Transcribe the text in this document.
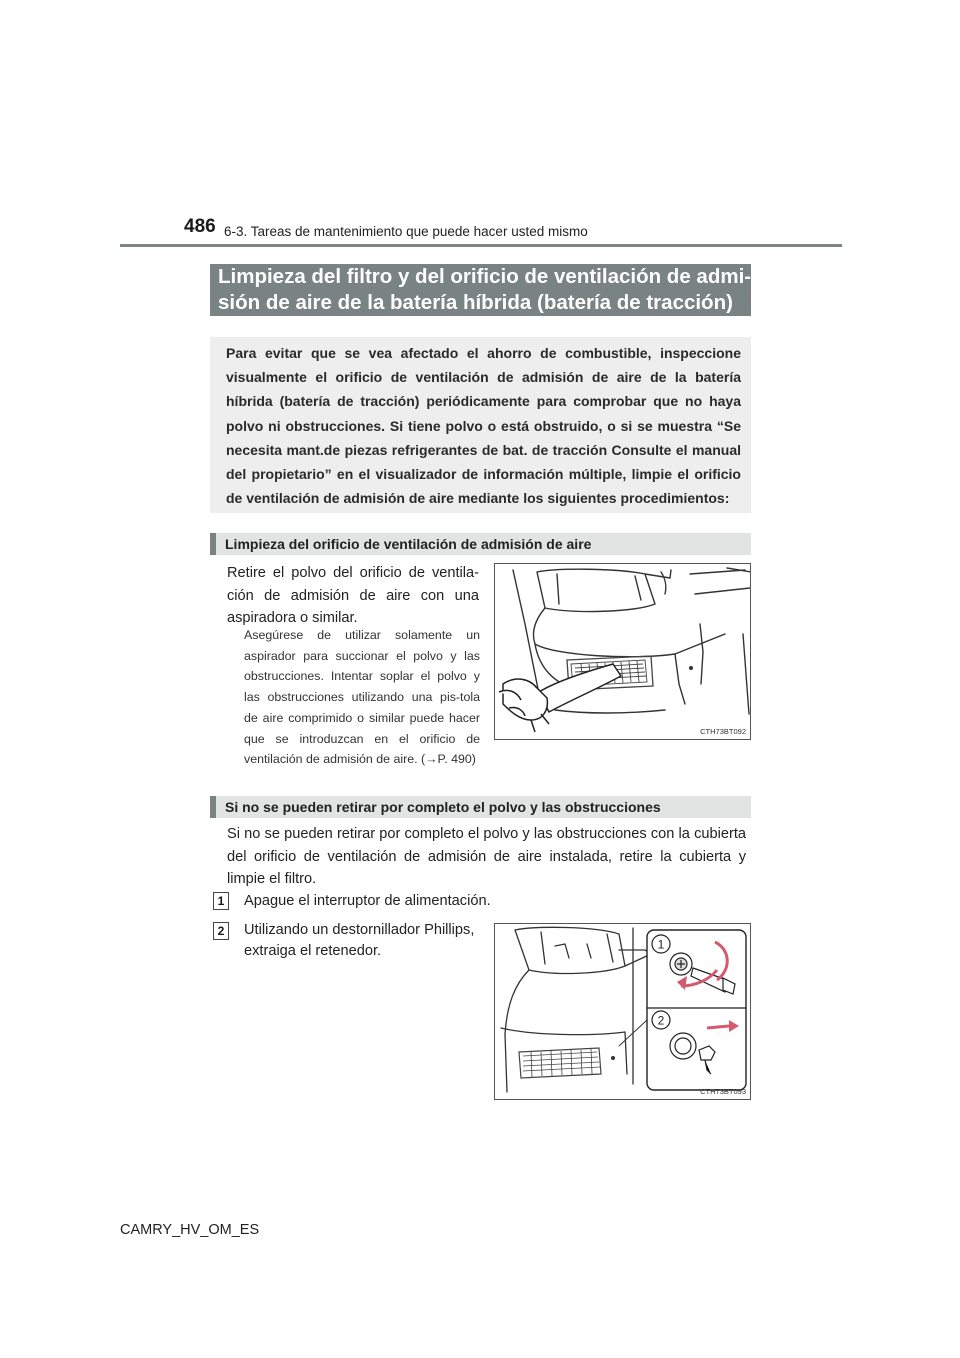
486 6-3. Tareas de mantenimiento que puede hacer usted mismo
Limpieza del filtro y del orificio de ventilación de admi-
sión de aire de la batería híbrida (batería de tracción)
Para evitar que se vea afectado el ahorro de combustible, inspeccione visualmente el orificio de ventilación de admisión de aire de la batería híbrida (batería de tracción) periódicamente para comprobar que no haya polvo ni obstrucciones. Si tiene polvo o está obstruido, o si se muestra “Se necesita mant.de piezas refrigerantes de bat. de tracción Consulte el manual del propietario” en el visualizador de información múltiple, limpie el orificio de ventilación de admisión de aire mediante los siguientes procedimientos:
Limpieza del orificio de ventilación de admisión de aire
Retire el polvo del orificio de ventila-ción de admisión de aire con una aspiradora o similar.
Asegúrese de utilizar solamente un aspirador para succionar el polvo y las obstrucciones. Intentar soplar el polvo y las obstrucciones utilizando una pis-tola de aire comprimido o similar puede hacer que se introduzcan en el orificio de ventilación de admisión de aire. (→P. 490)
CTH73BT092
Si no se pueden retirar por completo el polvo y las obstrucciones
Si no se pueden retirar por completo el polvo y las obstrucciones con la cubierta del orificio de ventilación de admisión de aire instalada, retire la cubierta y limpie el filtro.
1	Apague el interruptor de alimentación.
2	Utilizando un destornillador Phillips, extraiga el retenedor.	1
2
CTH73BT093
CAMRY_HV_OM_ES
